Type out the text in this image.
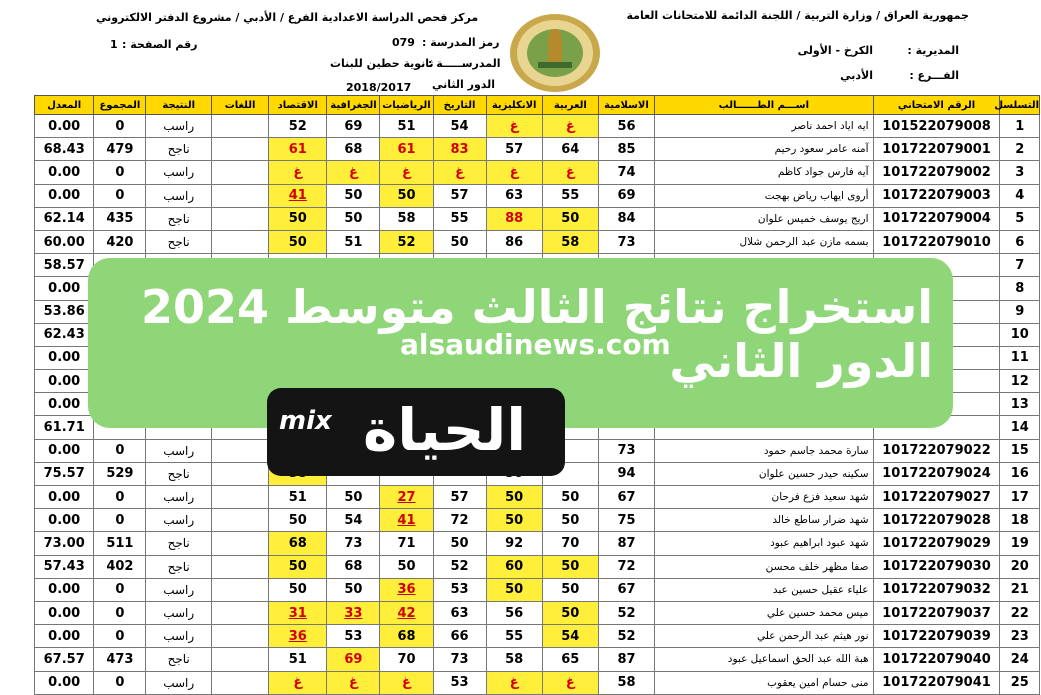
جمهورية العراق / وزارة التربية / اللجنة الدائمة للامتحانات العامة
المديرية :
الكرخ - الأولى
الفـــرع :
الأدبي
مركز فحص الدراسة الاعدادية الفرع / الأدبي / مشروع الدفتر الالكتروني
رقم الصفحة :
1	رمز المدرسة :
079
المدرســـــة :
ثانوية حطين للبنات
الدور الثاني
2018/2017
التسلسل	الرقم الامتحاني	اســـم الطــــــالب	الاسلامية	العربية	الانكليزية	التاريخ	الرياضيات	الجغرافية	الاقتصاد	اللغات	النتيجة	المجموع	المعدل
1	101522079008	ايه اياد احمد ناصر	56	غ	غ	54	51	69	52		راسب	0	0.00
2	101722079001	آمنه عامر سعود رحيم	85	64	57	83	61	68	61		ناجح	479	68.43
3	101722079002	آيه فارس جواد كاظم	74	غ	غ	غ	غ	غ	غ		راسب	0	0.00
4	101722079003	أروى ايهاب رياض بهجت	69	55	63	57	50	50	41		راسب	0	0.00
5	101722079004	اريج يوسف خميس علوان	84	50	88	55	58	50	50		ناجح	435	62.14
6	101722079010	بسمه مازن عبد الرحمن شلال	73	58	86	50	52	51	50		ناجح	420	60.00
7													58.57
8													0.00
9													53.86
10													62.43
11													0.00
12													0.00
13													0.00
14													61.71
15	101722079022	سارة محمد جاسم حمود	73								راسب	0	0.00
16	101722079024	سكينه حيدر حسين علوان	94								ناجح	529	75.57
17	101722079027	شهد سعيد فزع فرحان	67	50	50	57	27	50	51		راسب	0	0.00
18	101722079028	شهد ضرار ساطع خالد	75	50	50	72	41	54	50		راسب	0	0.00
19	101722079029	شهد عبود ابراهيم عبود	87	70	92	50	71	73	68		ناجح	511	73.00
20	101722079030	صفا مظهر خلف محسن	72	50	60	52	50	68	50		ناجح	402	57.43
21	101722079032	علياء عقيل حسين عبد	67	50	50	53	36	50	50		راسب	0	0.00
22	101722079037	ميس محمد حسين علي	52	50	56	63	42	33	31		راسب	0	0.00
23	101722079039	نور هيثم عبد الرحمن علي	52	54	55	66	68	53	36		راسب	0	0.00
24	101722079040	هبة الله عبد الحق اسماعيل عبود	87	65	58	73	70	69	51		ناجح	473	67.57
25	101722079041	منى حسام امين يعقوب	58	غ	غ	53	غ	غ	غ		راسب	0	0.00
استخراج نتائج الثالث متوسط 2024 الدور الثاني
alsaudinews.com
mix الحياة
